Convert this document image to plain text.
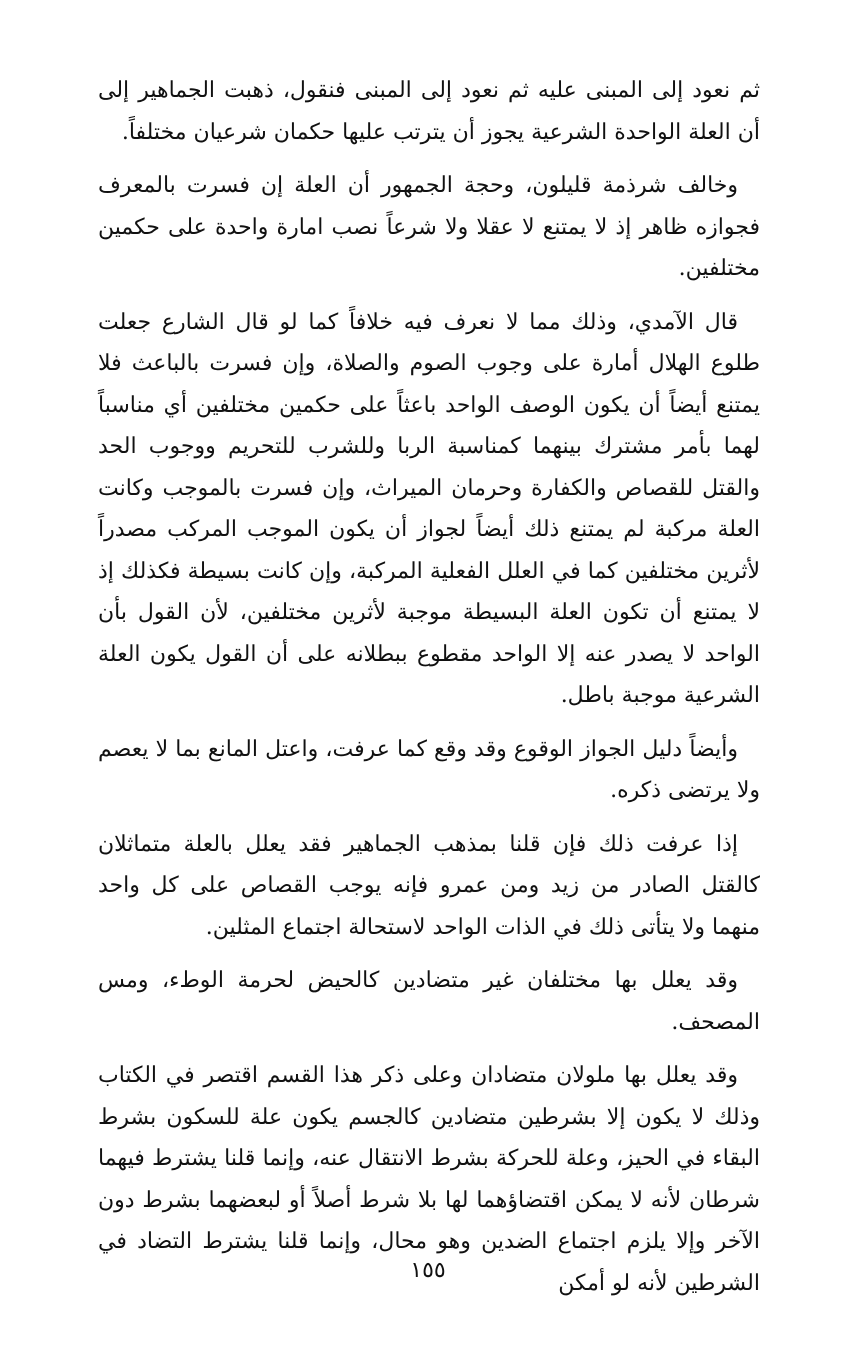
ثم نعود إلى المبنى عليه ثم نعود إلى المبنى فنقول، ذهبت الجماهير إلى أن العلة الواحدة الشرعية يجوز أن يترتب عليها حكمان شرعيان مختلفاً.

وخالف شرذمة قليلون، وحجة الجمهور أن العلة إن فسرت بالمعرف فجوازه ظاهر إذ لا يمتنع لا عقلا ولا شرعاً نصب امارة واحدة على حكمين مختلفين.

قال الآمدي، وذلك مما لا نعرف فيه خلافاً كما لو قال الشارع جعلت طلوع الهلال أمارة على وجوب الصوم والصلاة، وإن فسرت بالباعث فلا يمتنع أيضاً أن يكون الوصف الواحد باعثاً على حكمين مختلفين أي مناسباً لهما بأمر مشترك بينهما كمناسبة الربا وللشرب للتحريم ووجوب الحد والقتل للقصاص والكفارة وحرمان الميراث، وإن فسرت بالموجب وكانت العلة مركبة لم يمتنع ذلك أيضاً لجواز أن يكون الموجب المركب مصدراً لأثرين مختلفين كما في العلل الفعلية المركبة، وإن كانت بسيطة فكذلك إذ لا يمتنع أن تكون العلة البسيطة موجبة لأثرين مختلفين، لأن القول بأن الواحد لا يصدر عنه إلا الواحد مقطوع ببطلانه على أن القول يكون العلة الشرعية موجبة باطل.

وأيضاً دليل الجواز الوقوع وقد وقع كما عرفت، واعتل المانع بما لا يعصم ولا يرتضى ذكره.

إذا عرفت ذلك فإن قلنا بمذهب الجماهير فقد يعلل بالعلة متماثلان كالقتل الصادر من زيد ومن عمرو فإنه يوجب القصاص على كل واحد منهما ولا يتأتى ذلك في الذات الواحد لاستحالة اجتماع المثلين.

وقد يعلل بها مختلفان غير متضادين كالحيض لحرمة الوطء، ومس المصحف.

وقد يعلل بها ملولان متضادان وعلى ذكر هذا القسم اقتصر في الكتاب وذلك لا يكون إلا بشرطين متضادين كالجسم يكون علة للسكون بشرط البقاء في الحيز، وعلة للحركة بشرط الانتقال عنه، وإنما قلنا يشترط فيهما شرطان لأنه لا يمكن اقتضاؤهما لها بلا شرط أصلاً أو لبعضهما بشرط دون الآخر وإلا يلزم اجتماع الضدين وهو محال، وإنما قلنا يشترط التضاد في الشرطين لأنه لو أمكن

١٥٥
